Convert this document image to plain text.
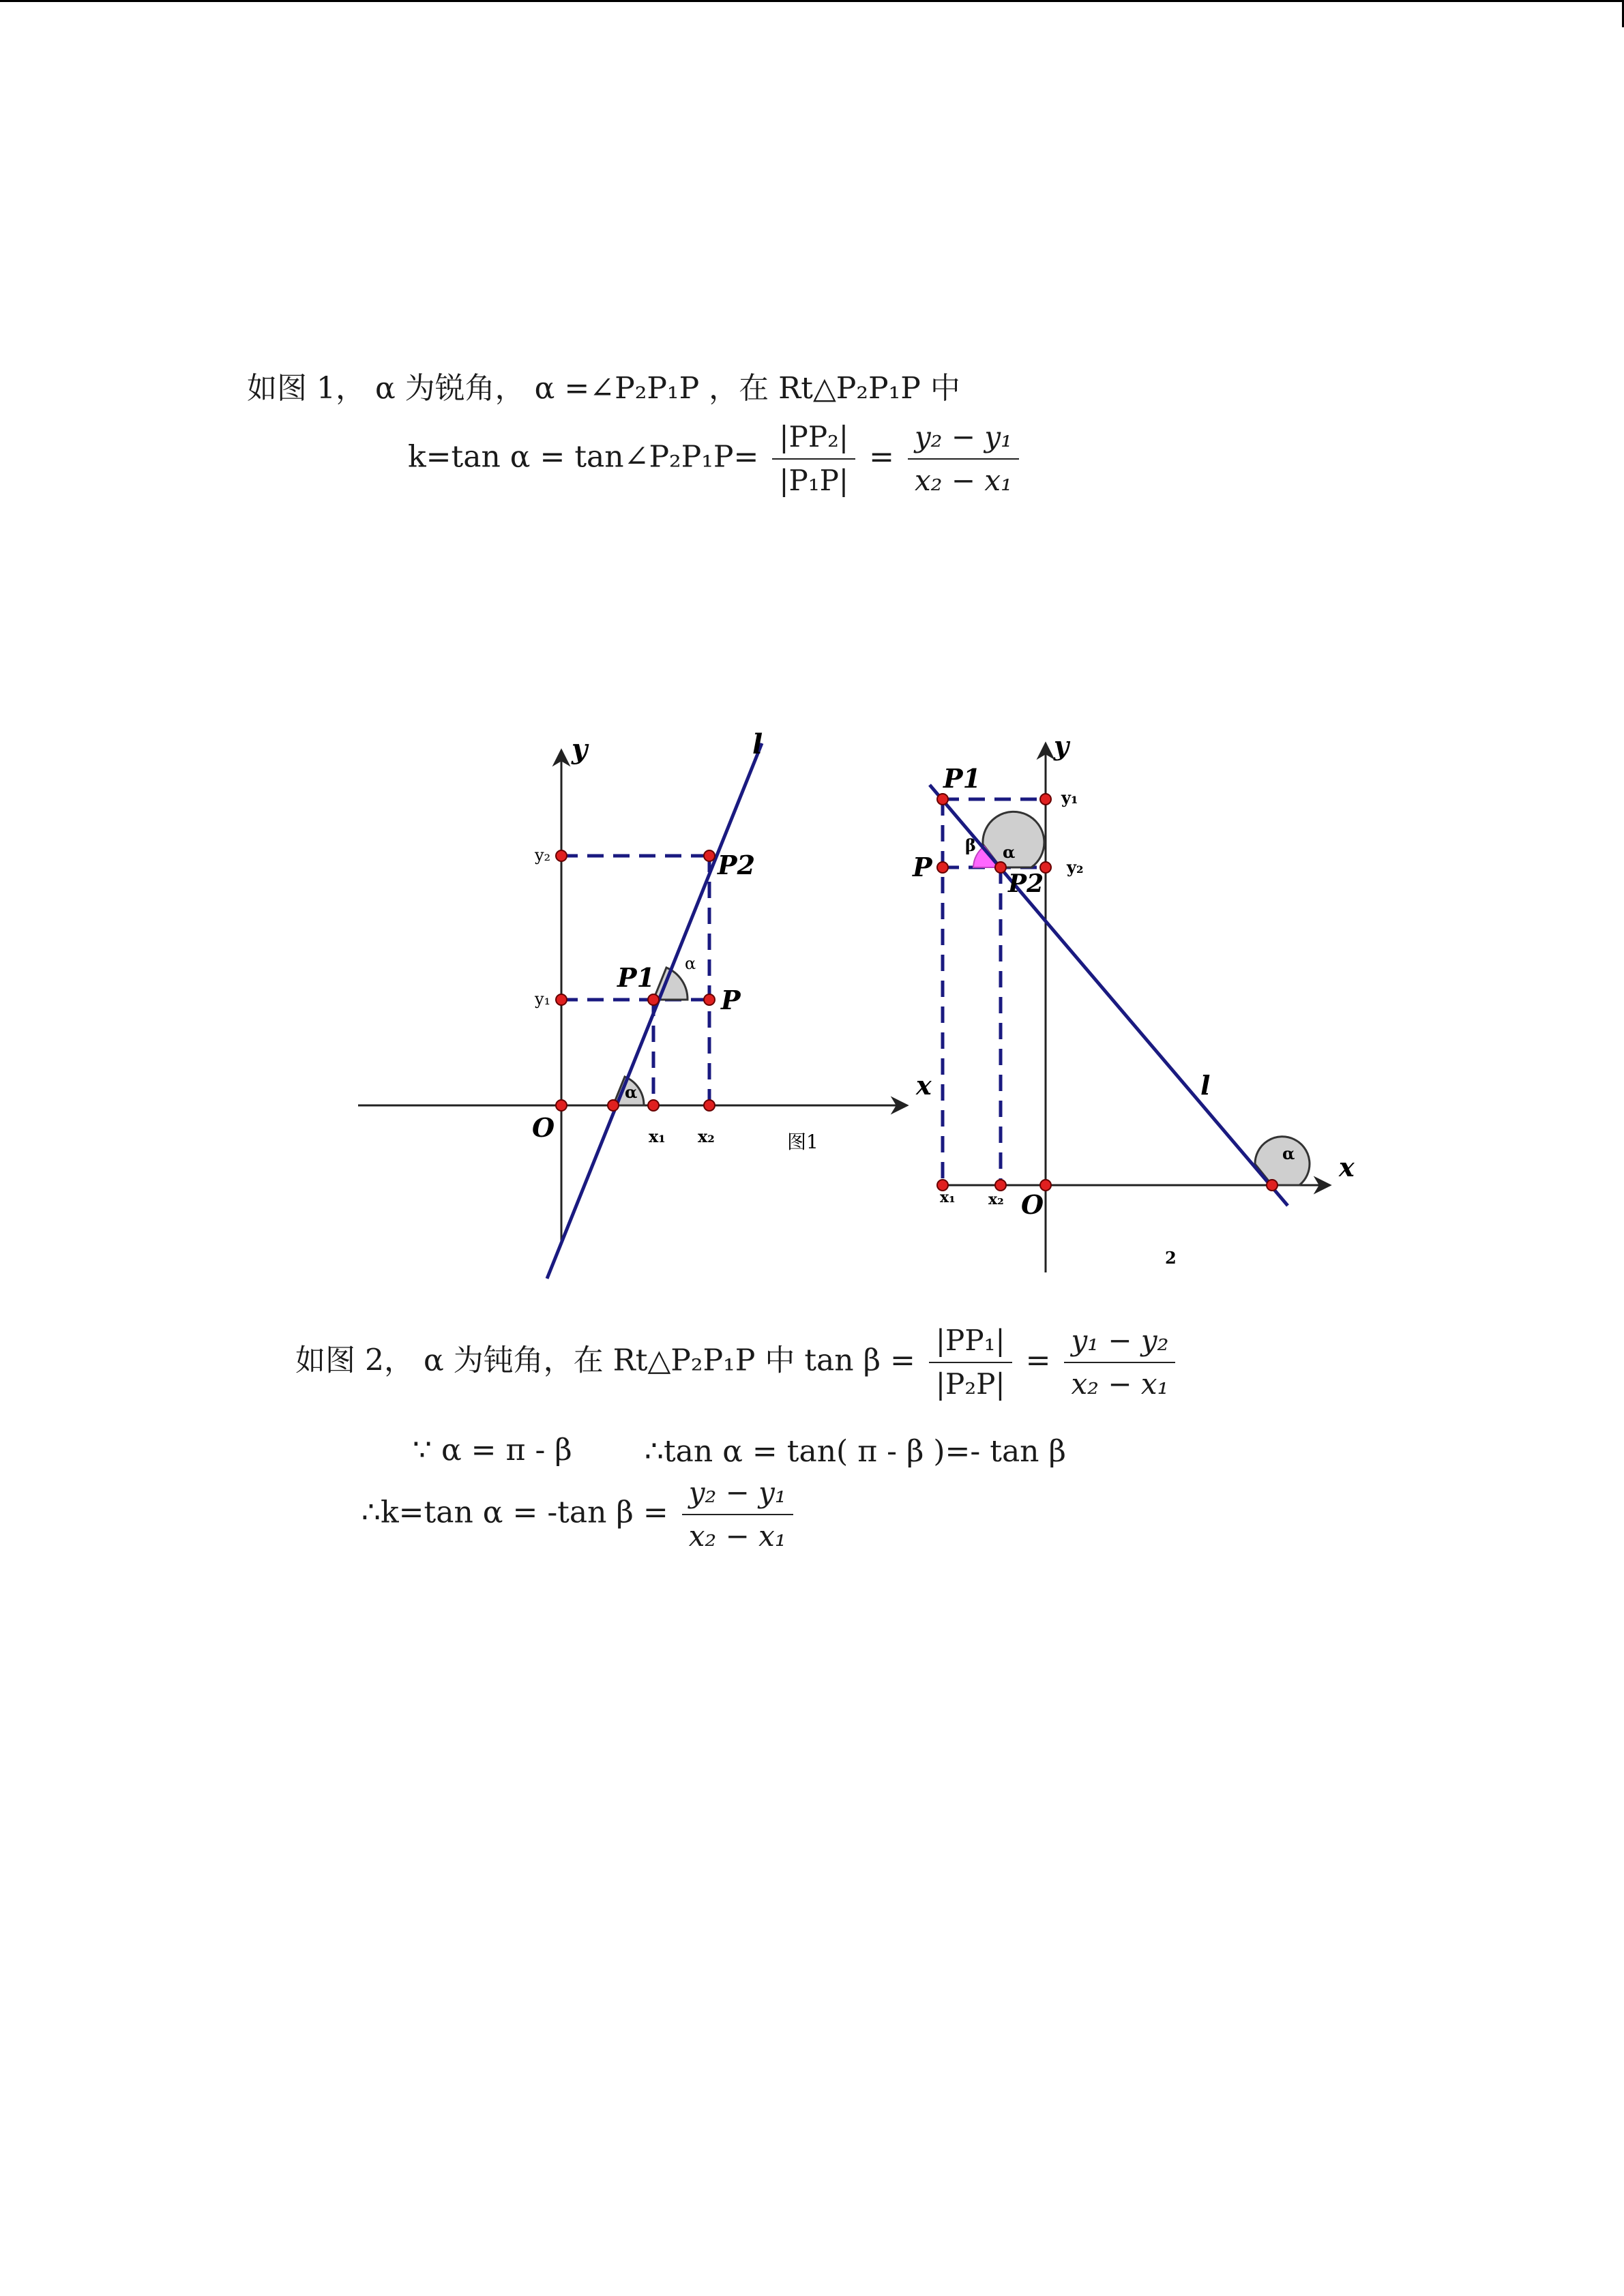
如图 1， α 为锐角， α =∠P₂P₁P ，在 Rt△P₂P₁P 中
k=tan α = tan∠P₂P₁P= $\frac{\text{|PP₂|}}{\text{|P₁P|}} = \frac{\text{y₂ − y₁}}{\text{x₂ − x₁}}$
y	l
O
y₂
y₁
P2
P1
P
α
α
x₁ x₂	图1
y
x
x
O
P1
P
P2
β α
α
y₁
y₂
x₁ x₂
l
2
如图 2， α 为钝角，在 Rt△P₂P₁P 中 $\tan \beta = \frac{\text{|PP₁|}}{\text{|P₂P|}} = \frac{\text{y₁ − y₂}}{\text{x₂ − x₁}}$
∵ α = π - β ∴tan α = tan( π - β )=- tan β
∴k=tan α = -tan $\beta = \frac{\text{y₂ − y₁}}{\text{x₂ − x₁}}$
